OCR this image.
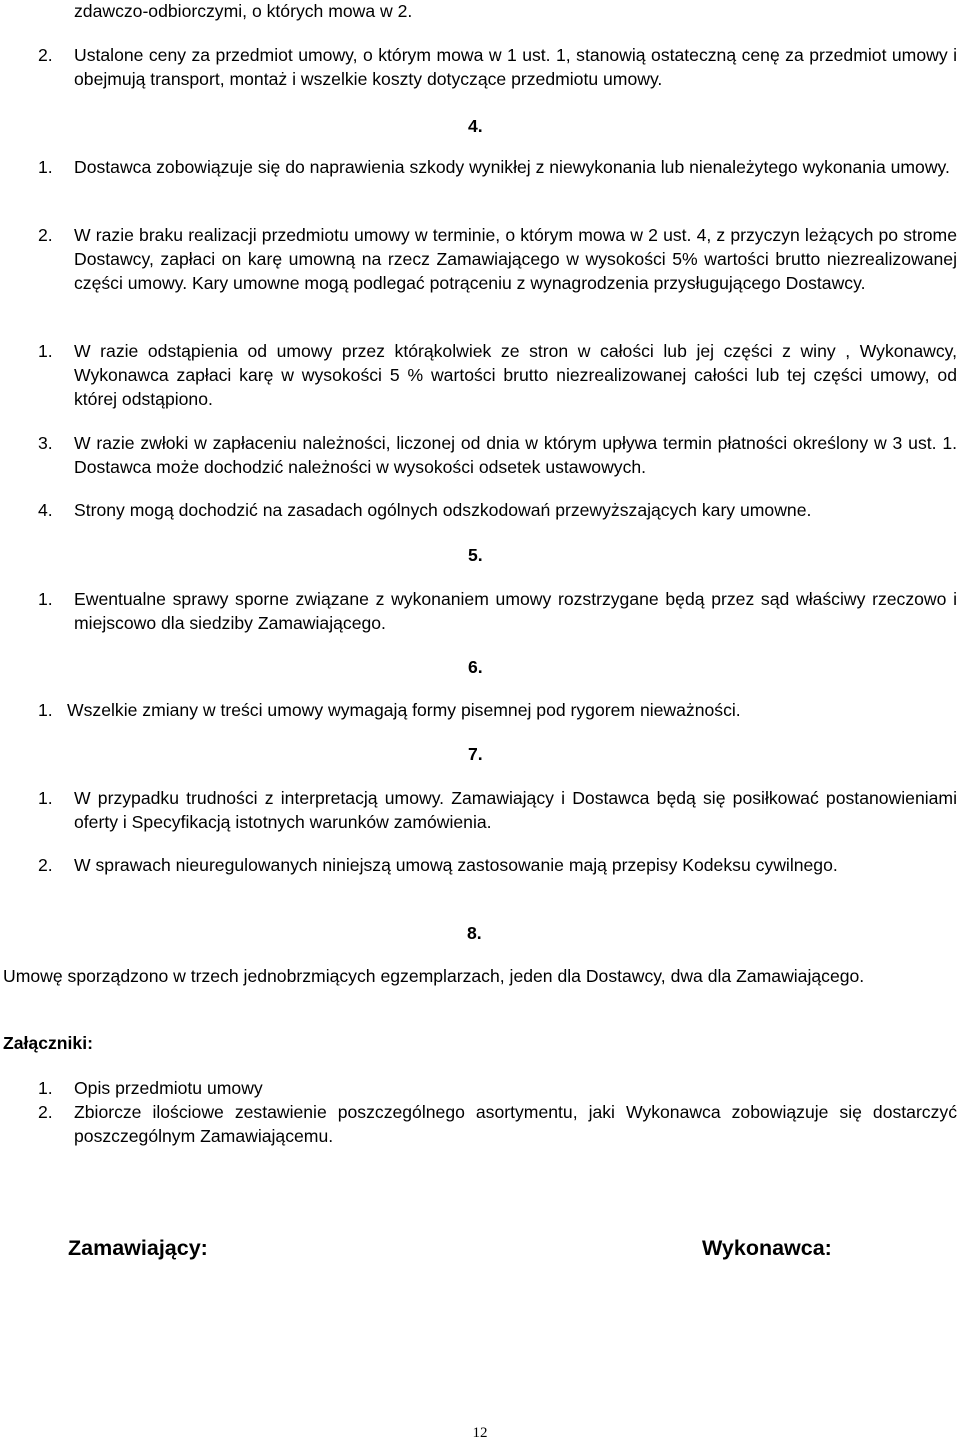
zdawczo-odbiorczymi, o których mowa w 2.
2. Ustalone ceny za przedmiot umowy, o którym mowa w 1 ust. 1, stanowią ostateczną cenę za przedmiot umowy i obejmują transport, montaż i wszelkie koszty dotyczące przedmiotu umowy.
4.
1. Dostawca zobowiązuje się do naprawienia szkody wynikłej z niewykonania lub nienależytego wykonania umowy.
2. W razie braku realizacji przedmiotu umowy w terminie, o którym mowa w 2 ust. 4, z przyczyn leżących po strome Dostawcy, zapłaci on karę umowną na rzecz Zamawiającego w wysokości 5% wartości brutto niezrealizowanej części umowy. Kary umowne mogą podlegać potrąceniu z wynagrodzenia przysługującego Dostawcy.
1. W razie odstąpienia od umowy przez którąkolwiek ze stron w całości lub jej części z winy , Wykonawcy, Wykonawca zapłaci karę w wysokości 5 % wartości brutto niezrealizowanej całości lub tej części umowy, od której odstąpiono.
3. W razie zwłoki w zapłaceniu należności, liczonej od dnia w którym upływa termin płatności określony w 3 ust. 1. Dostawca może dochodzić należności w wysokości odsetek ustawowych.
4. Strony mogą dochodzić na zasadach ogólnych odszkodowań przewyższających kary umowne.
5.
1. Ewentualne sprawy sporne związane z wykonaniem umowy rozstrzygane będą przez sąd właściwy rzeczowo i miejscowo dla siedziby Zamawiającego.
6.
1. Wszelkie zmiany w treści umowy wymagają formy pisemnej pod rygorem nieważności.
7.
1. W przypadku trudności z interpretacją umowy. Zamawiający i Dostawca będą się posiłkować postanowieniami oferty i Specyfikacją istotnych warunków zamówienia.
2. W sprawach nieuregulowanych niniejszą umową zastosowanie mają przepisy Kodeksu cywilnego.
8.
Umowę sporządzono w trzech jednobrzmiących egzemplarzach, jeden dla Dostawcy, dwa dla Zamawiającego.
Załączniki:
1. Opis przedmiotu umowy
2. Zbiorcze ilościowe zestawienie poszczególnego asortymentu, jaki Wykonawca zobowiązuje się dostarczyć poszczególnym Zamawiającemu.
Zamawiający:	Wykonawca:
12
